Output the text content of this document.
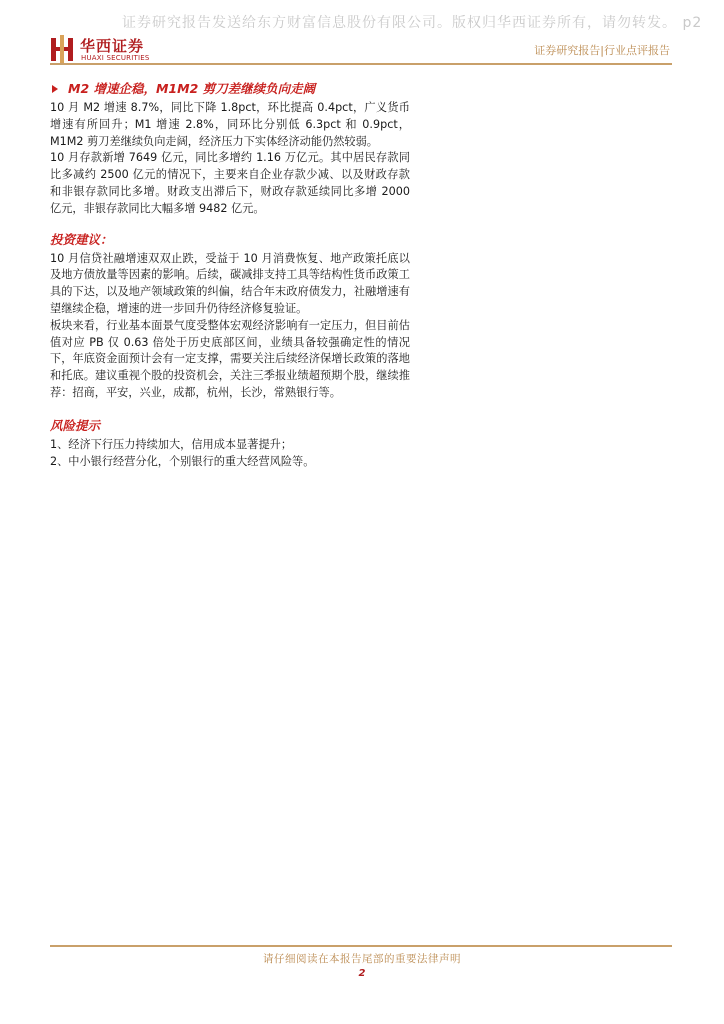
证券研究报告发送给东方财富信息股份有限公司。版权归华西证券所有，请勿转发。 p2
华西证券
HUAXI SECURITIES
证券研究报告|行业点评报告
M2 增速企稳，M1M2 剪刀差继续负向走阔

10 月 M2 增速 8.7%，同比下降 1.8pct，环比提高 0.4pct，广义货币增速有所回升；M1 增速 2.8%，同环比分别低 6.3pct 和 0.9pct，M1M2 剪刀差继续负向走阔，经济压力下实体经济动能仍然较弱。

10 月存款新增 7649 亿元，同比多增约 1.16 万亿元。其中居民存款同比多减约 2500 亿元的情况下，主要来自企业存款少减、以及财政存款和非银存款同比多增。财政支出滞后下，财政存款延续同比多增 2000 亿元，非银存款同比大幅多增 9482 亿元。

投资建议：

10 月信贷社融增速双双止跌，受益于 10 月消费恢复、地产政策托底以及地方债放量等因素的影响。后续，碳减排支持工具等结构性货币政策工具的下达，以及地产领域政策的纠偏，结合年末政府债发力，社融增速有望继续企稳，增速的进一步回升仍待经济修复验证。

板块来看，行业基本面景气度受整体宏观经济影响有一定压力，但目前估值对应 PB 仅 0.63 倍处于历史底部区间，业绩具备较强确定性的情况下，年底资金面预计会有一定支撑，需要关注后续经济保增长政策的落地和托底。建议重视个股的投资机会，关注三季报业绩超预期个股，继续推荐：招商，平安，兴业，成都，杭州，长沙，常熟银行等。

风险提示

1、经济下行压力持续加大，信用成本显著提升；

2、中小银行经营分化，个别银行的重大经营风险等。

请仔细阅读在本报告尾部的重要法律声明
2
